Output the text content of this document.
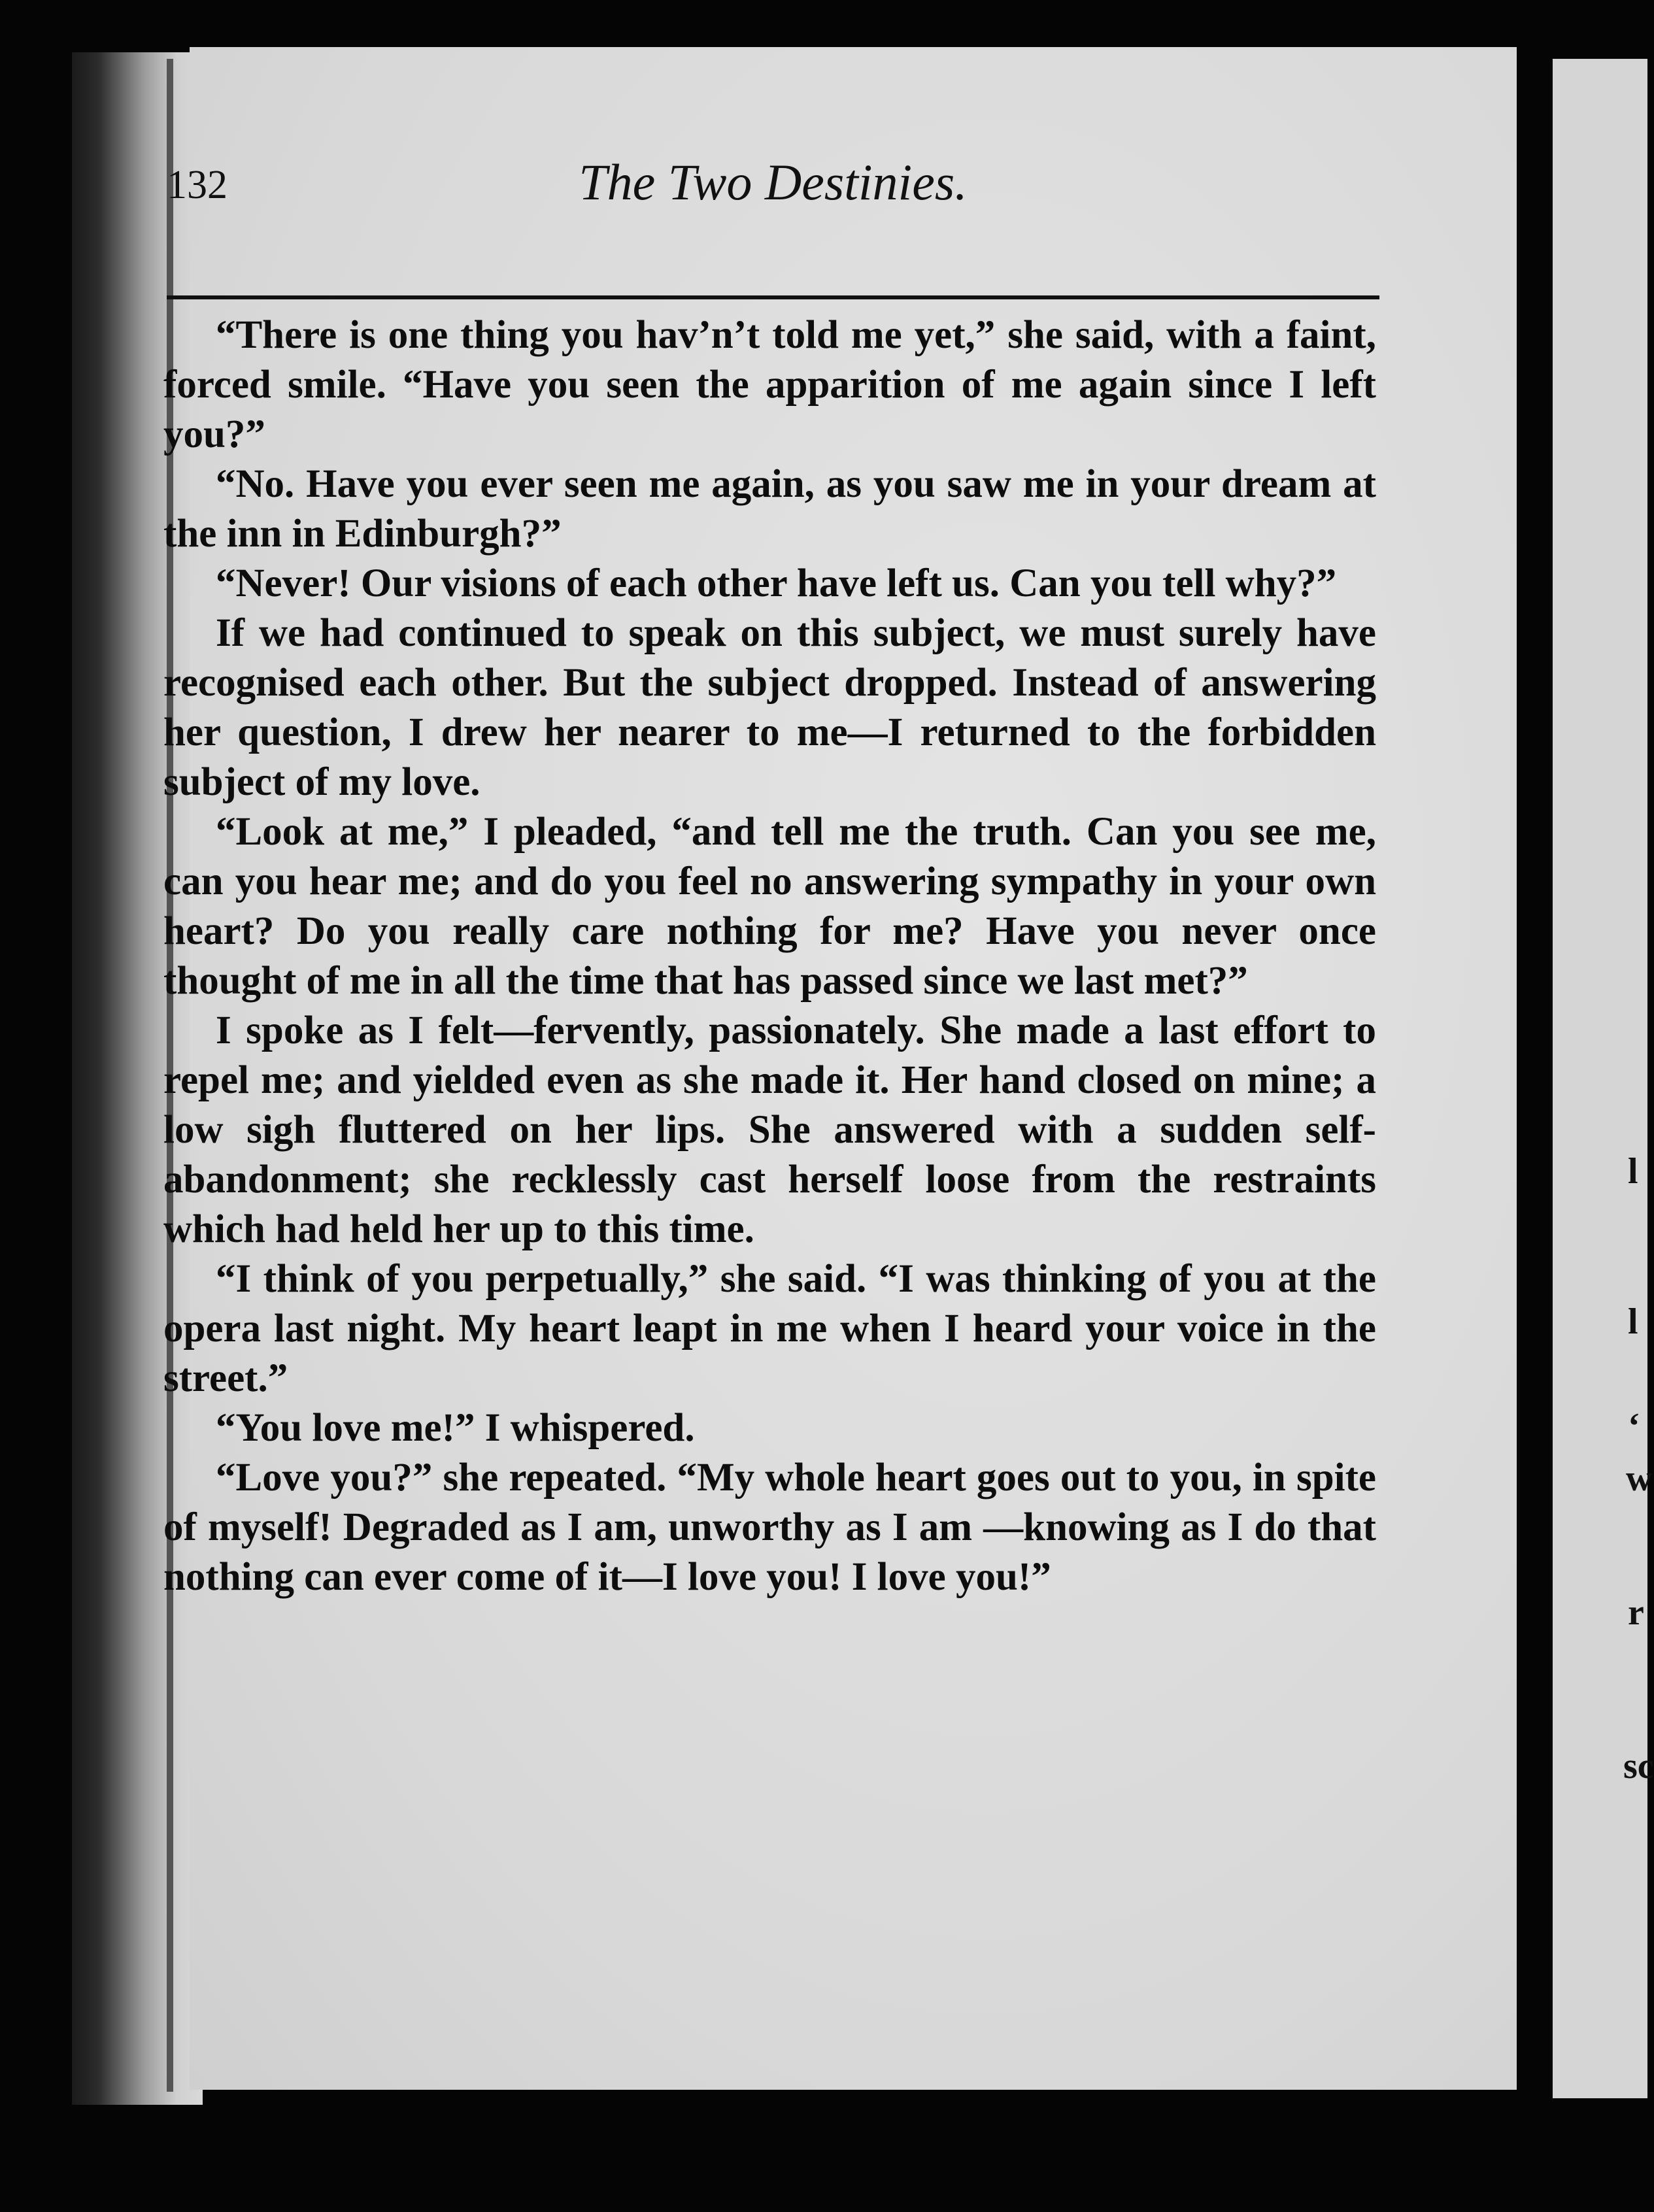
l
l
‘
w
r
sc
132	The Two Destinies.

“There is one thing you hav’n’t told me yet,” she said, with a faint, forced smile. “Have you seen the apparition of me again since I left you?”

“No. Have you ever seen me again, as you saw me in your dream at the inn in Edinburgh?”

“Never! Our visions of each other have left us. Can you tell why?”

If we had continued to speak on this subject, we must surely have recognised each other. But the subject dropped. Instead of answering her question, I drew her nearer to me—I returned to the forbidden subject of my love.

“Look at me,” I pleaded, “and tell me the truth. Can you see me, can you hear me; and do you feel no answering sympathy in your own heart? Do you really care nothing for me? Have you never once thought of me in all the time that has passed since we last met?”

I spoke as I felt—fervently, passionately. She made a last effort to repel me; and yielded even as she made it. Her hand closed on mine; a low sigh fluttered on her lips. She answered with a sudden self-abandonment; she recklessly cast herself loose from the restraints which had held her up to this time.

“I think of you perpetually,” she said. “I was thinking of you at the opera last night. My heart leapt in me when I heard your voice in the street.”

“You love me!” I whispered.

“Love you?” she repeated. “My whole heart goes out to you, in spite of myself! Degraded as I am, unworthy as I am —knowing as I do that nothing can ever come of it—I love you! I love you!”
